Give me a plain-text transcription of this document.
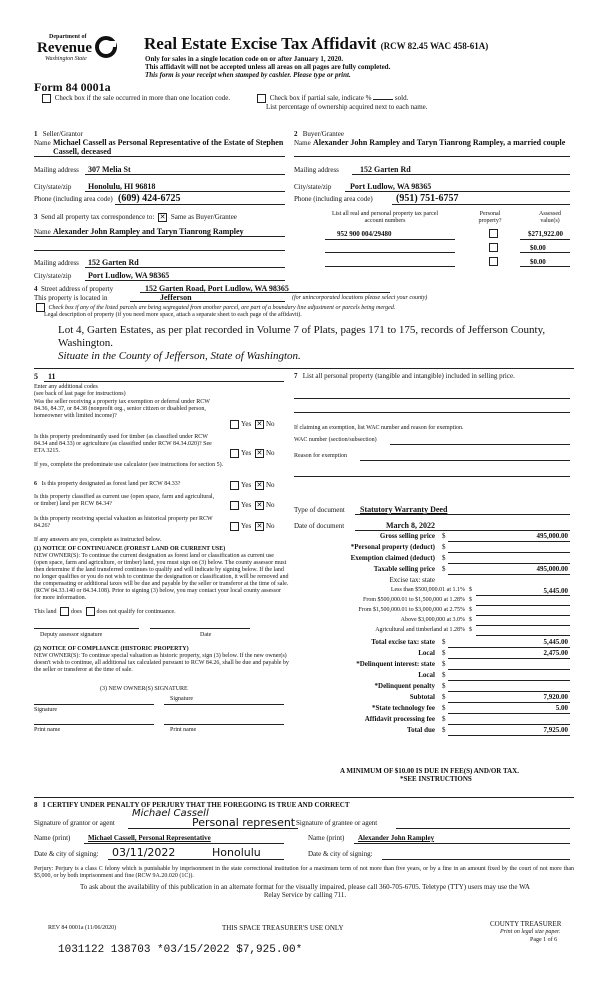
Department of
Revenue
Washington State
Real Estate Excise Tax Affidavit (RCW 82.45 WAC 458-61A)
Only for sales in a single location code on or after January 1, 2020.
This affidavit will not be accepted unless all areas on all pages are fully completed.
This form is your receipt when stamped by cashier. Please type or print.
Form 84 0001a
Check box if the sale occurred in more than one location code.	Check box if partial sale, indicate %	sold.
List percentage of ownership acquired next to each name.
1 Seller/Grantor
Name Michael Cassell as Personal Representative of the Estate of Stephen Cassell, deceased
Mailing address 307 Melia St
City/state/zip Honolulu, HI 96818
Phone (including area code) (609) 424-6725
2 Buyer/Grantee
Name Alexander John Rampley and Taryn Tianrong Rampley, a married couple
Mailing address	152 Garten Rd
City/state/zip Port Ludlow, WA 98365
Phone (including area code) (951) 751-6757
3 Send all property tax correspondence to: ✕ Same as Buyer/Grantee
Name Alexander John Rampley and Taryn Tianrong Rampley
Mailing address 152 Garten Rd
City/state/zip Port Ludlow, WA 98365
List all real and personal property tax parcel account numbers
Personal property?
Assessed value(s)
952 900 004/29480	$271,922.00
$0.00
$0.00
4 Street address of property	152 Garten Road, Port Ludlow, WA 98365
This property is located in	Jefferson	(for unincorporated locations please select your county)
Check box if any of the listed parcels are being segregated from another parcel, are part of a boundary line adjustment or parcels being merged.
Legal description of property (if you need more space, attach a separate sheet to each page of the affidavit).
Lot 4, Garten Estates, as per plat recorded in Volume 7 of Plats, pages 171 to 175, records of Jefferson County, Washington.
Situate in the County of Jefferson, State of Washington.
5 11
Enter any additional codes
(see back of last page for instructions)
Was the seller receiving a property tax exemption or deferral under RCW 84.36, 84.37, or 84.38 (nonprofit org., senior citizen or disabled person, homeowner with limited income)?
Yes ✕ No
Is this property predominantly used for timber (as classified under RCW 84.34 and 84.33) or agriculture (as classified under RCW 84.34.020)? See ETA 3215.	Yes ✕ No
If yes, complete the predominate use calculator (see instructions for section 5).
6 Is this property designated as forest land per RCW 84.33?	Yes ✕ No
Is this property classified as current use (open space, farm and agricultural, or timber) land per RCW 84.34?	Yes ✕ No
Is this property receiving special valuation as historical property per RCW 84.26?	Yes ✕ No
If any answers are yes, complete as instructed below.
(1) NOTICE OF CONTINUANCE (FOREST LAND OR CURRENT USE)
NEW OWNER(S): To continue the current designation as forest land or classification as current use (open space, farm and agriculture, or timber) land, you must sign on (3) below. The county assessor must then determine if the land transferred continues to qualify and will indicate by signing below. If the land no longer qualifies or you do not wish to continue the designation or classification, it will be removed and the compensating or additional taxes will be due and payable by the seller or transferor at the time of sale. (RCW 84.33.140 or 84.34.108). Prior to signing (3) below, you may contact your local county assessor for more information.
This land does does not qualify for continuance.
Deputy assessor signature	Date
(2) NOTICE OF COMPLIANCE (HISTORIC PROPERTY)
NEW OWNER(S): To continue special valuation as historic property, sign (3) below. If the new owner(s) doesn't wish to continue, all additional tax calculated pursuant to RCW 84.26, shall be due and payable by the seller or transferor at the time of sale.
(3) NEW OWNER(S) SIGNATURE
Signature
Signature
Print name	Print name
7 List all personal property (tangible and intangible) included in selling price.
If claiming an exemption, list WAC number and reason for exemption.
WAC number (section/subsection)
Reason for exemption
Type of document Statutory Warranty Deed
Date of document	March 8, 2022
Gross selling price $	495,000.00
*Personal property (deduct) $
Exemption claimed (deduct) $
Taxable selling price $	495,000.00
Excise tax: state
Less than $500,000.01 at 1.1% $	5,445.00
From $500,000.01 to $1,500,000 at 1.28% $
From $1,500,000.01 to $3,000,000 at 2.75% $
Above $3,000,000 at 3.0% $
Agricultural and timberland at 1.28% $
Total excise tax: state $	5,445.00
Local $	2,475.00
*Delinquent interest: state $
Local $
*Delinquent penalty $
Subtotal $	7,920.00
*State technology fee $	5.00
Affidavit processing fee $
Total due $	7,925.00
A MINIMUM OF $10.00 IS DUE IN FEE(S) AND/OR TAX.
*SEE INSTRUCTIONS
8 I CERTIFY UNDER PENALTY OF PERJURY THAT THE FOREGOING IS TRUE AND CORRECT
Signature of grantor or agent
Michael Cassell
Personal represent Signature of grantee or agent
Name (print)	Michael Cassell, Personal Representative	Name (print) Alexander John Rampley
Date & city of signing: 03/11/2022	Honolulu	Date & city of signing:
Perjury: Perjury is a class C felony which is punishable by imprisonment in the state correctional institution for a maximum term of not more than five years, or by a fine in an amount fixed by the court of not more than $5,000, or by both imprisonment and fine (RCW 9A.20.020 (1C)).
To ask about the availability of this publication in an alternate format for the visually impaired, please call 360-705-6705. Teletype (TTY) users may use the WA Relay Service by calling 711.
REV 84 0001a (11/06/2020)	THIS SPACE TREASURER'S USE ONLY	COUNTY TREASURER
Print on legal size paper.
Page 1 of 6
1031122 138703 *03/15/2022 $7,925.00*
